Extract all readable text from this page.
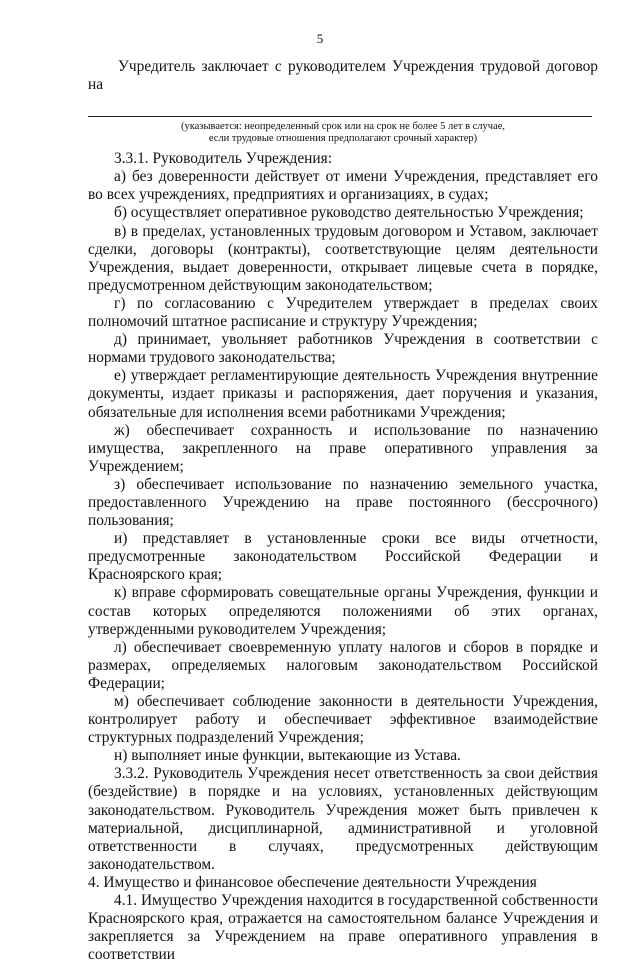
5

Учредитель заключает с руководителем Учреждения трудовой договор на

(указывается: неопределенный срок или на срок не более 5 лет в случае,
если трудовые отношения предполагают срочный характер)

3.3.1. Руководитель Учреждения:

а) без доверенности действует от имени Учреждения, представляет его во всех учреждениях, предприятиях и организациях, в судах;

б) осуществляет оперативное руководство деятельностью Учреждения;

в) в пределах, установленных трудовым договором и Уставом, заключает сделки, договоры (контракты), соответствующие целям деятельности Учреждения, выдает доверенности, открывает лицевые счета в порядке, предусмотренном действующим законодательством;

г) по согласованию с Учредителем утверждает в пределах своих полномочий штатное расписание и структуру Учреждения;

д) принимает, увольняет работников Учреждения в соответствии с нормами трудового законодательства;

е) утверждает регламентирующие деятельность Учреждения внутренние документы, издает приказы и распоряжения, дает поручения и указания, обязательные для исполнения всеми работниками Учреждения;

ж) обеспечивает сохранность и использование по назначению имущества, закрепленного на праве оперативного управления за Учреждением;

з) обеспечивает использование по назначению земельного участка, предоставленного Учреждению на праве постоянного (бессрочного) пользования;

и) представляет в установленные сроки все виды отчетности, предусмотренные законодательством Российской Федерации и Красноярского края;

к) вправе сформировать совещательные органы Учреждения, функции и состав которых определяются положениями об этих органах, утвержденными руководителем Учреждения;

л) обеспечивает своевременную уплату налогов и сборов в порядке и размерах, определяемых налоговым законодательством Российской Федерации;

м) обеспечивает соблюдение законности в деятельности Учреждения, контролирует работу и обеспечивает эффективное взаимодействие структурных подразделений Учреждения;

н) выполняет иные функции, вытекающие из Устава.

3.3.2. Руководитель Учреждения несет ответственность за свои действия (бездействие) в порядке и на условиях, установленных действующим законодательством. Руководитель Учреждения может быть привлечен к материальной, дисциплинарной, административной и уголовной ответственности в случаях, предусмотренных действующим законодательством.

4. Имущество и финансовое обеспечение деятельности Учреждения

4.1. Имущество Учреждения находится в государственной собственности Красноярского края, отражается на самостоятельном балансе Учреждения и закрепляется за Учреждением на праве оперативного управления в соответствии
